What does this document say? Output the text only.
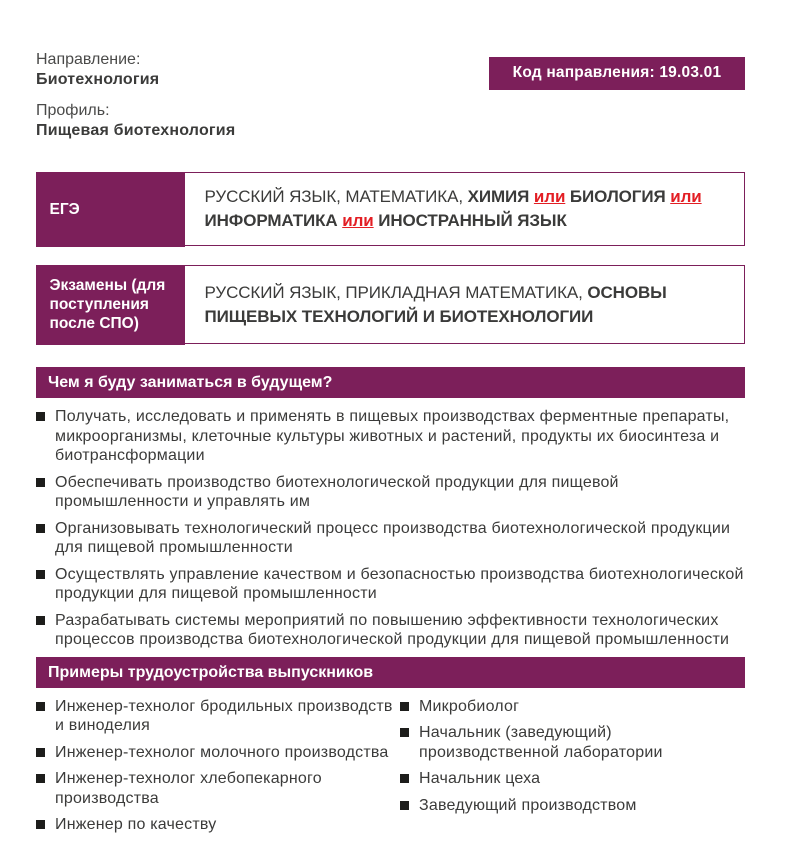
Направление:
Биотехнология
Профиль:
Пищевая биотехнология
Код направления: 19.03.01
ЕГЭ

РУССКИЙ ЯЗЫК, МАТЕМАТИКА, ХИМИЯ или БИОЛОГИЯ или ИНФОРМАТИКА или ИНОСТРАННЫЙ ЯЗЫК

Экзамены (для поступления после СПО)

РУССКИЙ ЯЗЫК, ПРИКЛАДНАЯ МАТЕМАТИКА, ОСНОВЫ ПИЩЕВЫХ ТЕХНОЛОГИЙ И БИОТЕХНОЛОГИИ

Чем я буду заниматься в будущем?
Получать, исследовать и применять в пищевых производствах ферментные препараты, микроорганизмы, клеточные культуры животных и растений, продукты их биосинтеза и биотрансформации
Обеспечивать производство биотехнологической продукции для пищевой промышленности и управлять им
Организовывать технологический процесс производства биотехнологической продукции для пищевой промышленности
Осуществлять управление качеством и безопасностью производства биотехнологической продукции для пищевой промышленности
Разрабатывать системы мероприятий по повышению эффективности технологических процессов производства биотехнологической продукции для пищевой промышленности
Примеры трудоустройства выпускников
Инженер-технолог бродильных производств и виноделия
Инженер-технолог молочного производства
Инженер-технолог хлебопекарного производства
Инженер по качеству
Микробиолог
Начальник (заведующий) производственной лаборатории
Начальник цеха
Заведующий производством
